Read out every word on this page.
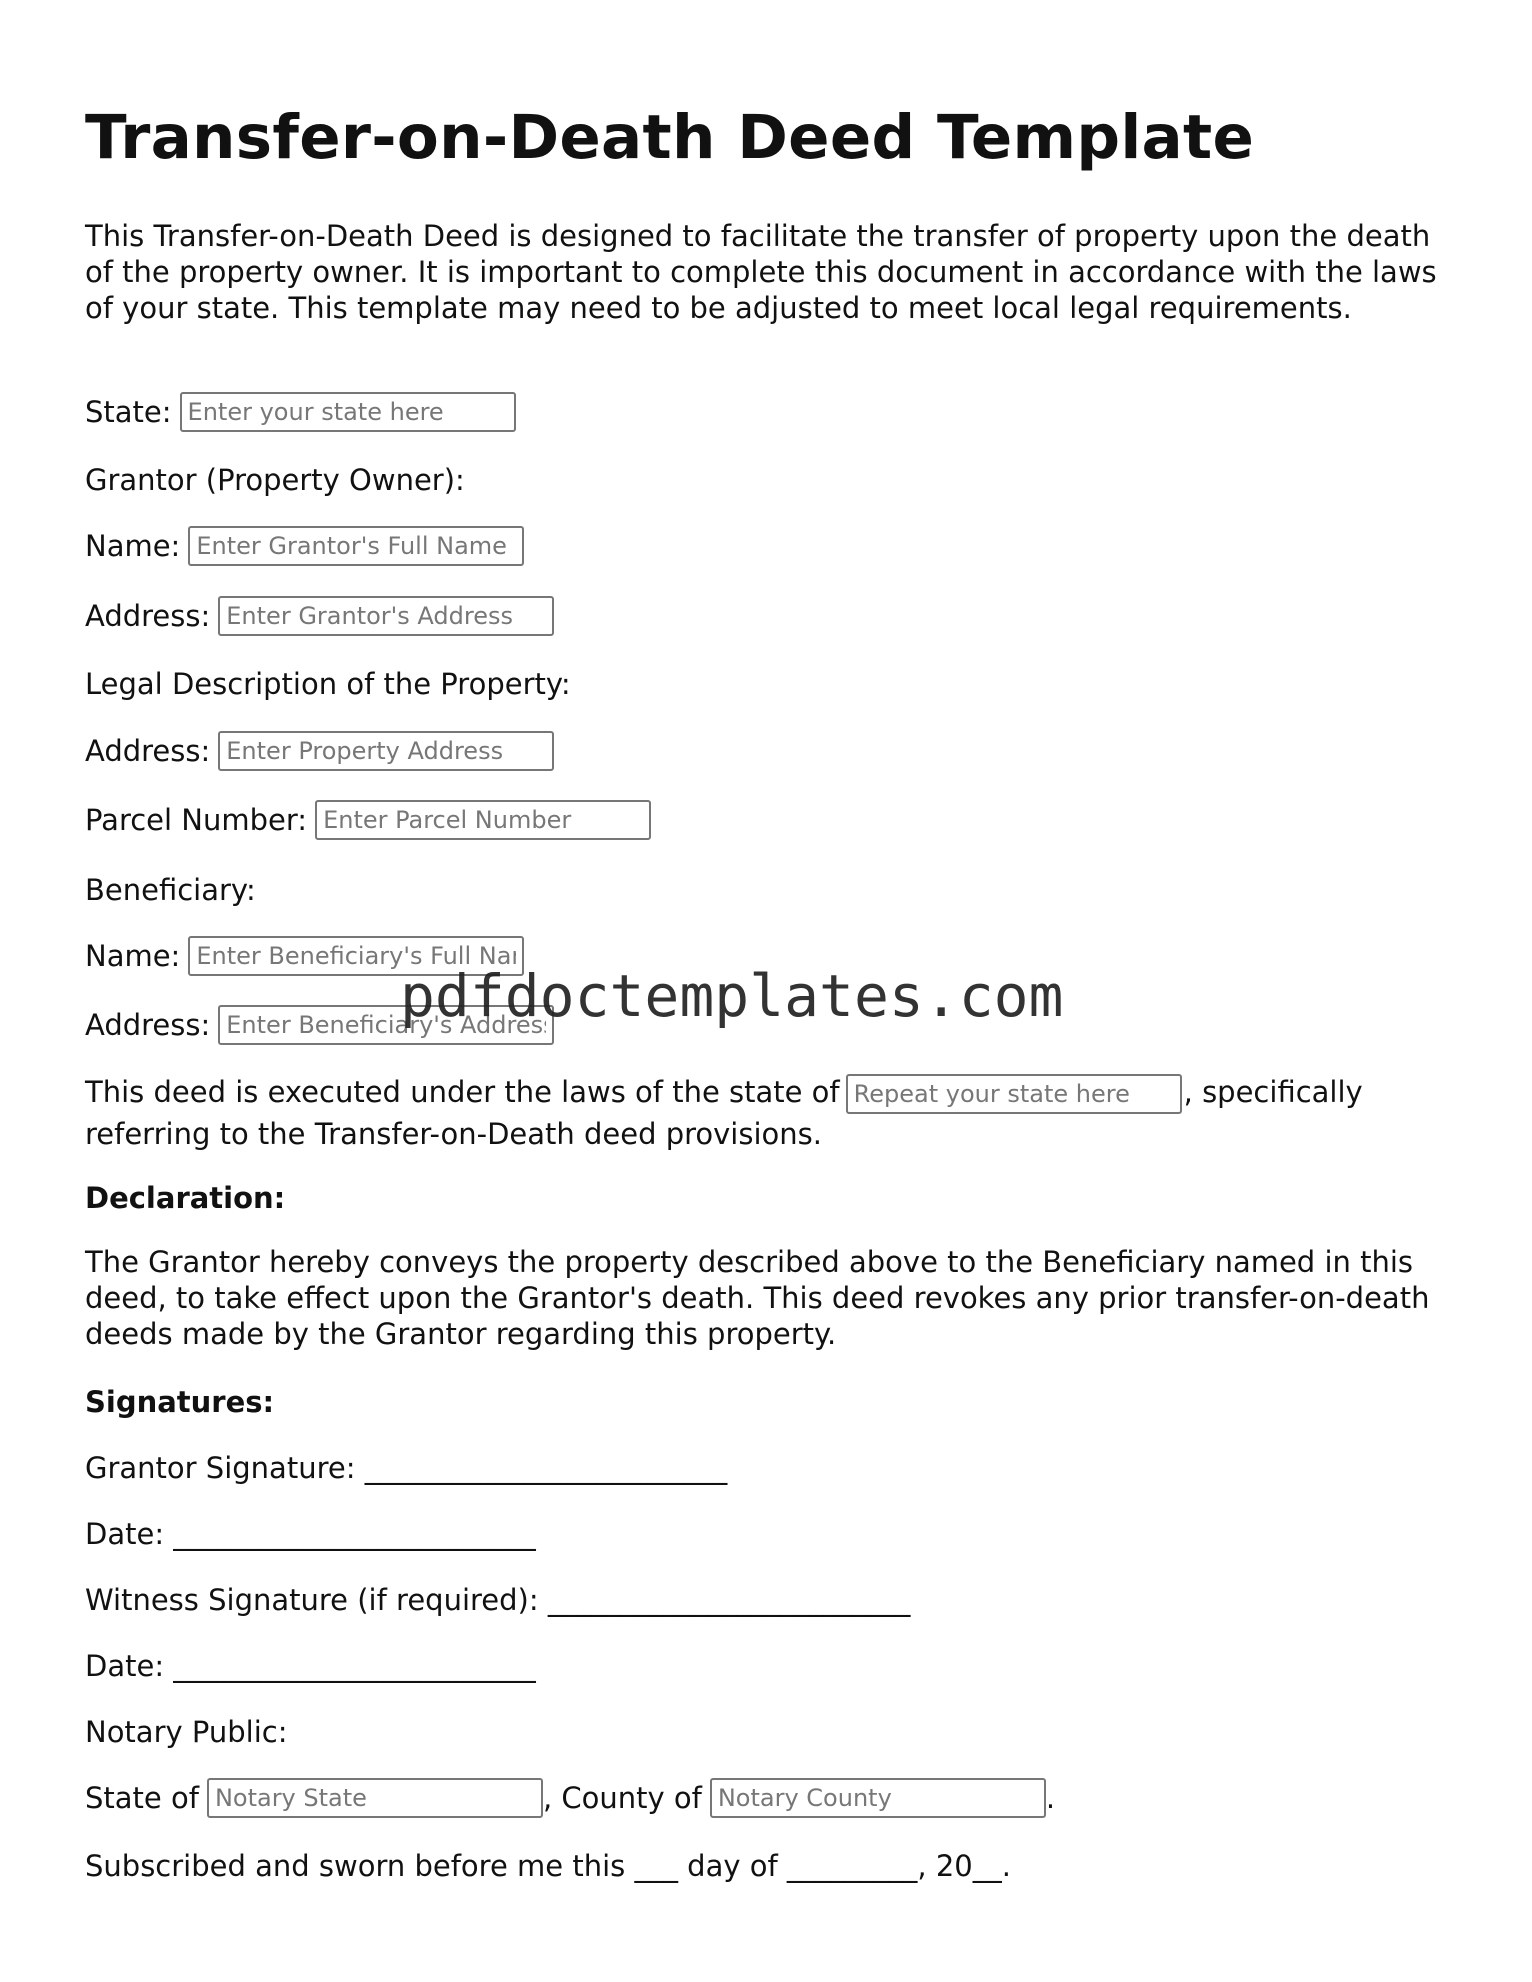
Transfer-on-Death Deed Template

This Transfer-on-Death Deed is designed to facilitate the transfer of property upon the death of the property owner. It is important to complete this document in accordance with the laws of your state. This template may need to be adjusted to meet local legal requirements.

State:
Enter your state here
Grantor (Property Owner):
Name:
Enter Grantor's Full Name
Address:
Enter Grantor's Address
Legal Description of the Property:
Address:
Enter Property Address
Parcel Number:
Enter Parcel Number
Beneficiary:
Name:
Enter Beneficiary's Full Name
Address:
Enter Beneficiary's Address

This deed is executed under the laws of the state ofRepeat your state here	, specifically referring to the Transfer-on-Death deed provisions.

Declaration:

The Grantor hereby conveys the property described above to the Beneficiary named in this deed, to take effect upon the Grantor's death. This deed revokes any prior transfer-on-death deeds made by the Grantor regarding this property.

Signatures:
Grantor Signature: _________________________
Date: _________________________
Witness Signature (if required): _________________________
Date: _________________________
Notary Public:
State of
Notary State	, County of
Notary County	.
Subscribed and sworn before me this ___ day of _________, 20__.
pdfdoctemplates.com
